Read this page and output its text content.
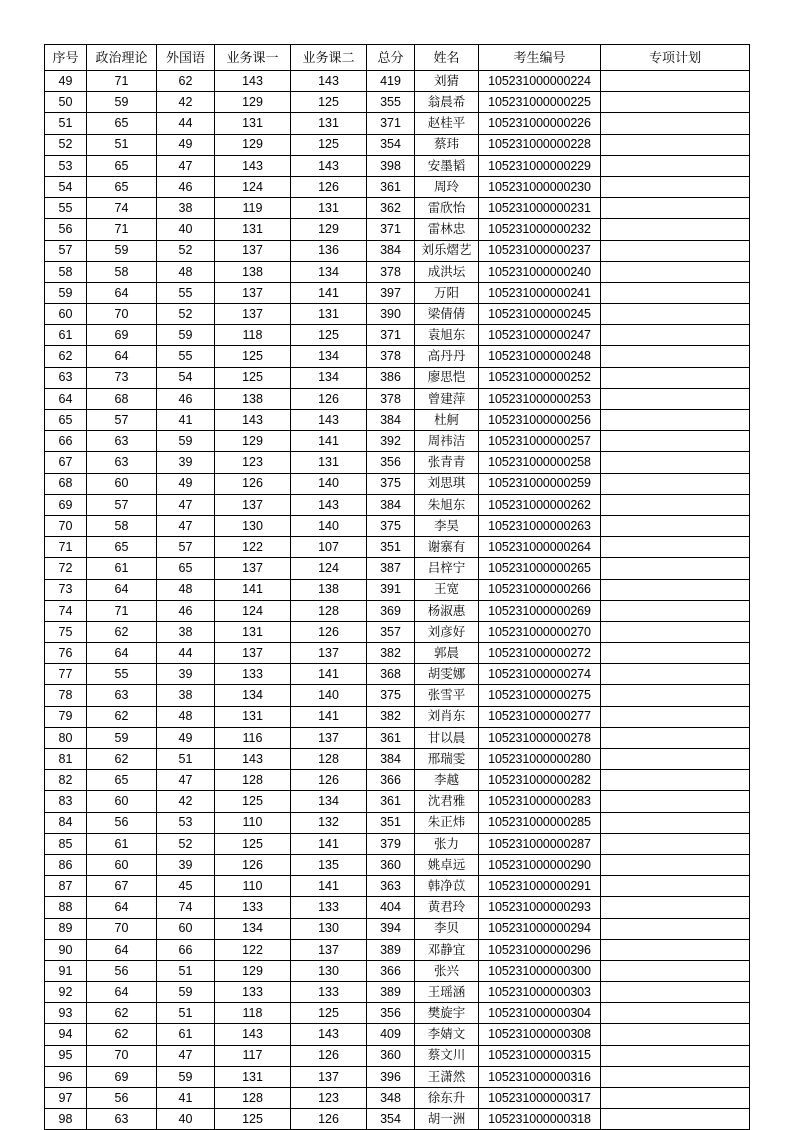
序号	政治理论	外国语	业务课一	业务课二	总分	姓名	考生编号	专项计划
49	71	62	143	143	419	刘猜	105231000000224	
50	59	42	129	125	355	翁晨希	105231000000225	
51	65	44	131	131	371	赵桂平	105231000000226	
52	51	49	129	125	354	蔡玮	105231000000228	
53	65	47	143	143	398	安墨韬	105231000000229	
54	65	46	124	126	361	周玲	105231000000230	
55	74	38	119	131	362	雷欣怡	105231000000231	
56	71	40	131	129	371	雷林忠	105231000000232	
57	59	52	137	136	384	刘乐熠艺	105231000000237	
58	58	48	138	134	378	成洪坛	105231000000240	
59	64	55	137	141	397	万阳	105231000000241	
60	70	52	137	131	390	梁倩倩	105231000000245	
61	69	59	118	125	371	袁旭东	105231000000247	
62	64	55	125	134	378	高丹丹	105231000000248	
63	73	54	125	134	386	廖思恺	105231000000252	
64	68	46	138	126	378	曾建萍	105231000000253	
65	57	41	143	143	384	杜舸	105231000000256	
66	63	59	129	141	392	周祎洁	105231000000257	
67	63	39	123	131	356	张青青	105231000000258	
68	60	49	126	140	375	刘思琪	105231000000259	
69	57	47	137	143	384	朱旭东	105231000000262	
70	58	47	130	140	375	李昊	105231000000263	
71	65	57	122	107	351	谢寨有	105231000000264	
72	61	65	137	124	387	吕梓宁	105231000000265	
73	64	48	141	138	391	王宽	105231000000266	
74	71	46	124	128	369	杨淑惠	105231000000269	
75	62	38	131	126	357	刘彦好	105231000000270	
76	64	44	137	137	382	郭晨	105231000000272	
77	55	39	133	141	368	胡雯娜	105231000000274	
78	63	38	134	140	375	张雪平	105231000000275	
79	62	48	131	141	382	刘肖东	105231000000277	
80	59	49	116	137	361	甘以晨	105231000000278	
81	62	51	143	128	384	邢瑞雯	105231000000280	
82	65	47	128	126	366	李越	105231000000282	
83	60	42	125	134	361	沈君雅	105231000000283	
84	56	53	110	132	351	朱正炜	105231000000285	
85	61	52	125	141	379	张力	105231000000287	
86	60	39	126	135	360	姚卓远	105231000000290	
87	67	45	110	141	363	韩净苡	105231000000291	
88	64	74	133	133	404	黄君玲	105231000000293	
89	70	60	134	130	394	李贝	105231000000294	
90	64	66	122	137	389	邓静宜	105231000000296	
91	56	51	129	130	366	张兴	105231000000300	
92	64	59	133	133	389	王瑶涵	105231000000303	
93	62	51	118	125	356	樊旋宇	105231000000304	
94	62	61	143	143	409	李婧文	105231000000308	
95	70	47	117	126	360	蔡文川	105231000000315	
96	69	59	131	137	396	王潇然	105231000000316	
97	56	41	128	123	348	徐东升	105231000000317	
98	63	40	125	126	354	胡一洲	105231000000318	
